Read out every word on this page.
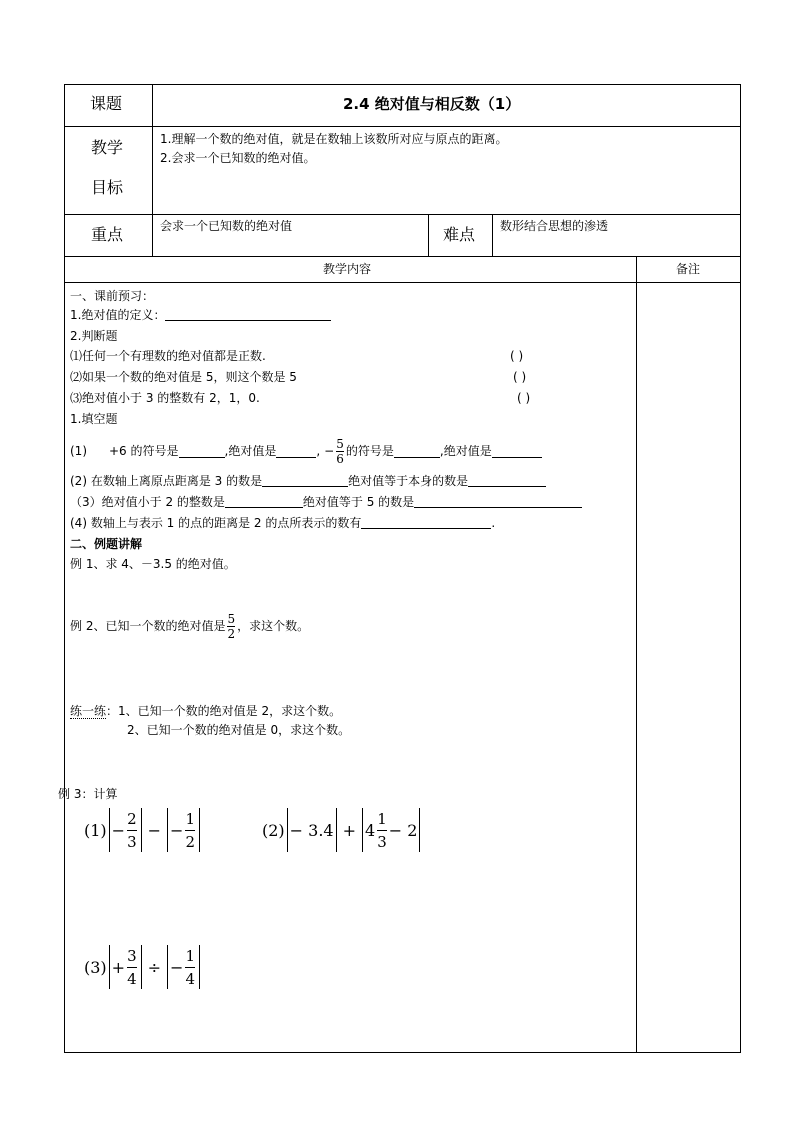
课题	2.4 绝对值与相反数（1）
教学
目标
1.理解一个数的绝对值，就是在数轴上该数所对应与原点的距离。
2.会求一个已知数的绝对值。
重点	会求一个已知数的绝对值	难点 数形结合思想的渗透
教学内容	备注
一、课前预习：
1.绝对值的定义：
2.判断题
⑴任何一个有理数的绝对值都是正数.	( )
⑵如果一个数的绝对值是 5，则这个数是 5	( )
⑶绝对值小于 3 的整数有 2，1，0.	( )
1.填空题
(1) +6 的符号是	,绝对值是	, − $\frac{5}{6}$ 的符号是	,绝对值是
(2) 在数轴上离原点距离是 3 的数是	绝对值等于本身的数是
（3）绝对值小于 2 的整数是	绝对值等于 5 的数是
(4) 数轴上与表示 1 的点的距离是 2 的点所表示的数有	.
二、例题讲解
例 1、求 4、－3.5 的绝对值。
例 2、已知一个数的绝对值是 $\frac{5}{2}$ ，求这个数。
练一练：1、已知一个数的绝对值是 2，求这个数。
2、已知一个数的绝对值是 0，求这个数。
例 3：计算
$(1) - \frac{2}{3}$ − − $\frac{1}{2}$	$(2) - 3.4 + 4 \frac{1}{3} - 2$
$(3) + \frac{3}{4}$ ÷ − $\frac{1}{4}$
